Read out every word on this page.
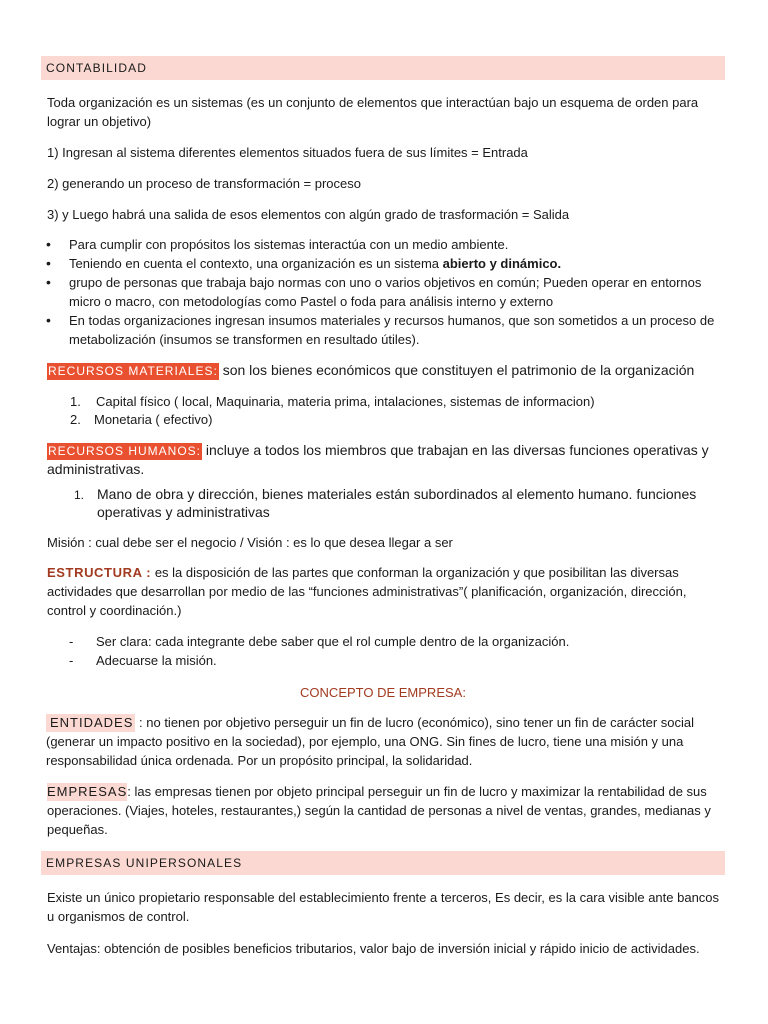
CONTABILIDAD

Toda organización es un sistemas (es un conjunto de elementos que interactúan bajo un esquema de orden para lograr un objetivo)

1) Ingresan al sistema diferentes elementos situados fuera de sus límites = Entrada

2) generando un proceso de transformación = proceso

3) y Luego habrá una salida de esos elementos con algún grado de trasformación = Salida

• Para cumplir con propósitos los sistemas interactúa con un medio ambiente.

• Teniendo en cuenta el contexto, una organización es un sistema abierto y dinámico.

• grupo de personas que trabaja bajo normas con uno o varios objetivos en común; Pueden operar en entornos micro o macro, con metodologías como Pastel o foda para análisis interno y externo

• En todas organizaciones ingresan insumos materiales y recursos humanos, que son sometidos a un proceso de metabolización (insumos se transformen en resultado útiles).

RECURSOS MATERIALES: son los bienes económicos que constituyen el patrimonio de la organización

1. Capital físico ( local, Maquinaria, materia prima, intalaciones, sistemas de informacion)

2. Monetaria ( efectivo)

RECURSOS HUMANOS: incluye a todos los miembros que trabajan en las diversas funciones operativas y administrativas.

1. Mano de obra y dirección, bienes materiales están subordinados al elemento humano. funciones operativas y administrativas

Misión : cual debe ser el negocio / Visión : es lo que desea llegar a ser

ESTRUCTURA : es la disposición de las partes que conforman la organización y que posibilitan las diversas actividades que desarrollan por medio de las “funciones administrativas”( planificación, organización, dirección, control y coordinación.)

- Ser clara: cada integrante debe saber que el rol cumple dentro de la organización.

- Adecuarse la misión.

CONCEPTO DE EMPRESA:

ENTIDADES : no tienen por objetivo perseguir un fin de lucro (económico), sino tener un fin de carácter social (generar un impacto positivo en la sociedad), por ejemplo, una ONG. Sin fines de lucro, tiene una misión y una responsabilidad única ordenada. Por un propósito principal, la solidaridad.

EMPRESAS: las empresas tienen por objeto principal perseguir un fin de lucro y maximizar la rentabilidad de sus operaciones. (Viajes, hoteles, restaurantes,) según la cantidad de personas a nivel de ventas, grandes, medianas y pequeñas.

EMPRESAS UNIPERSONALES

Existe un único propietario responsable del establecimiento frente a terceros, Es decir, es la cara visible ante bancos u organismos de control.

Ventajas: obtención de posibles beneficios tributarios, valor bajo de inversión inicial y rápido inicio de actividades.
